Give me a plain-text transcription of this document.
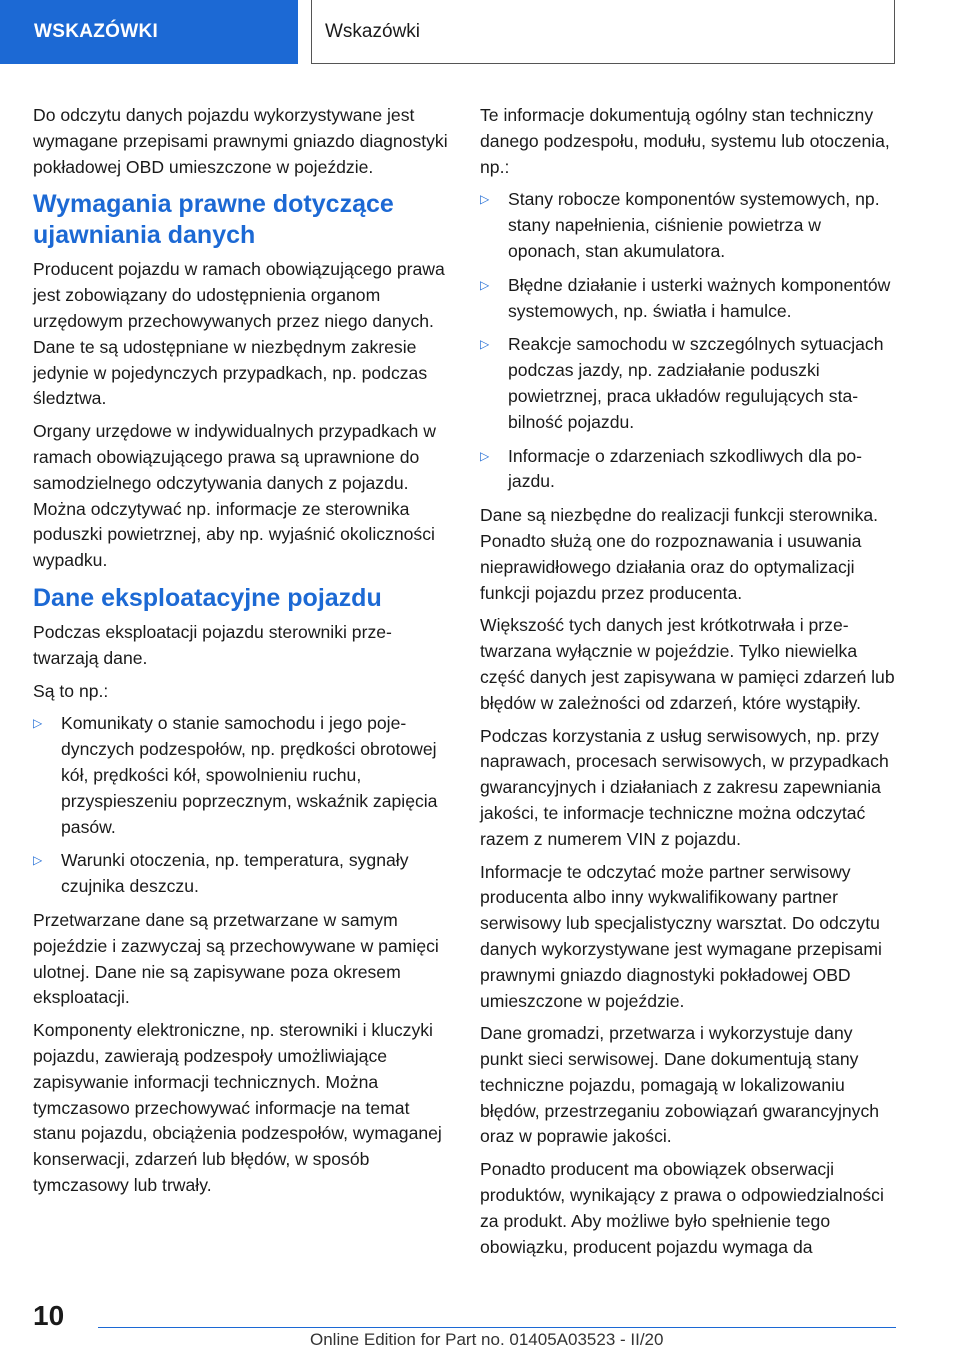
WSKAZÓWKI	Wskazówki

Do odczytu danych pojazdu wykorzystywane jest wymagane przepisami prawnymi gniazdo diagnostyki pokładowej OBD umieszczone w pojeździe.

Wymagania prawne dotyczące ujawniania danych

Producent pojazdu w ramach obowiązującego prawa jest zobowiązany do udostępnienia organom urzędowym przechowywanych przez niego danych. Dane te są udostępniane w niezbędnym zakresie jedynie w pojedynczych przypadkach, np. podczas śledztwa.

Organy urzędowe w indywidualnych przypadkach w ramach obowiązującego prawa są uprawnione do samodzielnego odczytywania danych z pojazdu. Można odczytywać np. informacje ze sterownika poduszki powietrznej, aby np. wyjaśnić okoliczności wypadku.

Dane eksploatacyjne pojazdu

Podczas eksploatacji pojazdu sterowniki przetwarzają dane.

Są to np.:

▷ Komunikaty o stanie samochodu i jego pojedynczych podzespołów, np. prędkości obrotowej kół, prędkości kół, spowolnieniu ruchu, przyspieszeniu poprzecznym, wskaźnik zapięcia pasów.
▷ Warunki otoczenia, np. temperatura, sygnały czujnika deszczu.

Przetwarzane dane są przetwarzane w samym pojeździe i zazwyczaj są przechowywane w pamięci ulotnej. Dane nie są zapisywane poza okresem eksploatacji.

Komponenty elektroniczne, np. sterowniki i kluczyki pojazdu, zawierają podzespoły umożliwiające zapisywanie informacji technicznych. Można tymczasowo przechowywać informacje na temat stanu pojazdu, obciążenia podzespołów, wymaganej konserwacji, zdarzeń lub błędów, w sposób tymczasowy lub trwały.

Te informacje dokumentują ogólny stan techniczny danego podzespołu, modułu, systemu lub otoczenia, np.:

▷ Stany robocze komponentów systemowych, np. stany napełnienia, ciśnienie powietrza w oponach, stan akumulatora.
▷ Błędne działanie i usterki ważnych komponentów systemowych, np. światła i hamulce.
▷ Reakcje samochodu w szczególnych sytuacjach podczas jazdy, np. zadziałanie poduszki powietrznej, praca układów regulujących stabilność pojazdu.
▷ Informacje o zdarzeniach szkodliwych dla pojazdu.

Dane są niezbędne do realizacji funkcji sterownika. Ponadto służą one do rozpoznawania i usuwania nieprawidłowego działania oraz do optymalizacji funkcji pojazdu przez producenta.

Większość tych danych jest krótkotrwała i przetwarzana wyłącznie w pojeździe. Tylko niewielka część danych jest zapisywana w pamięci zdarzeń lub błędów w zależności od zdarzeń, które wystąpiły.

Podczas korzystania z usług serwisowych, np. przy naprawach, procesach serwisowych, w przypadkach gwarancyjnych i działaniach z zakresu zapewniania jakości, te informacje techniczne można odczytać razem z numerem VIN z pojazdu.

Informacje te odczytać może partner serwisowy producenta albo inny wykwalifikowany partner serwisowy lub specjalistyczny warsztat. Do odczytu danych wykorzystywane jest wymagane przepisami prawnymi gniazdo diagnostyki pokładowej OBD umieszczone w pojeździe.

Dane gromadzi, przetwarza i wykorzystuje dany punkt sieci serwisowej. Dane dokumentują stany techniczne pojazdu, pomagają w lokalizowaniu błędów, przestrzeganiu zobowiązań gwarancyjnych oraz w poprawie jakości.

Ponadto producent ma obowiązek obserwacji produktów, wynikający z prawa o odpowiedzialności za produkt. Aby możliwe było spełnienie tego obowiązku, producent pojazdu wymaga da

10
Online Edition for Part no. 01405A03523 - II/20
